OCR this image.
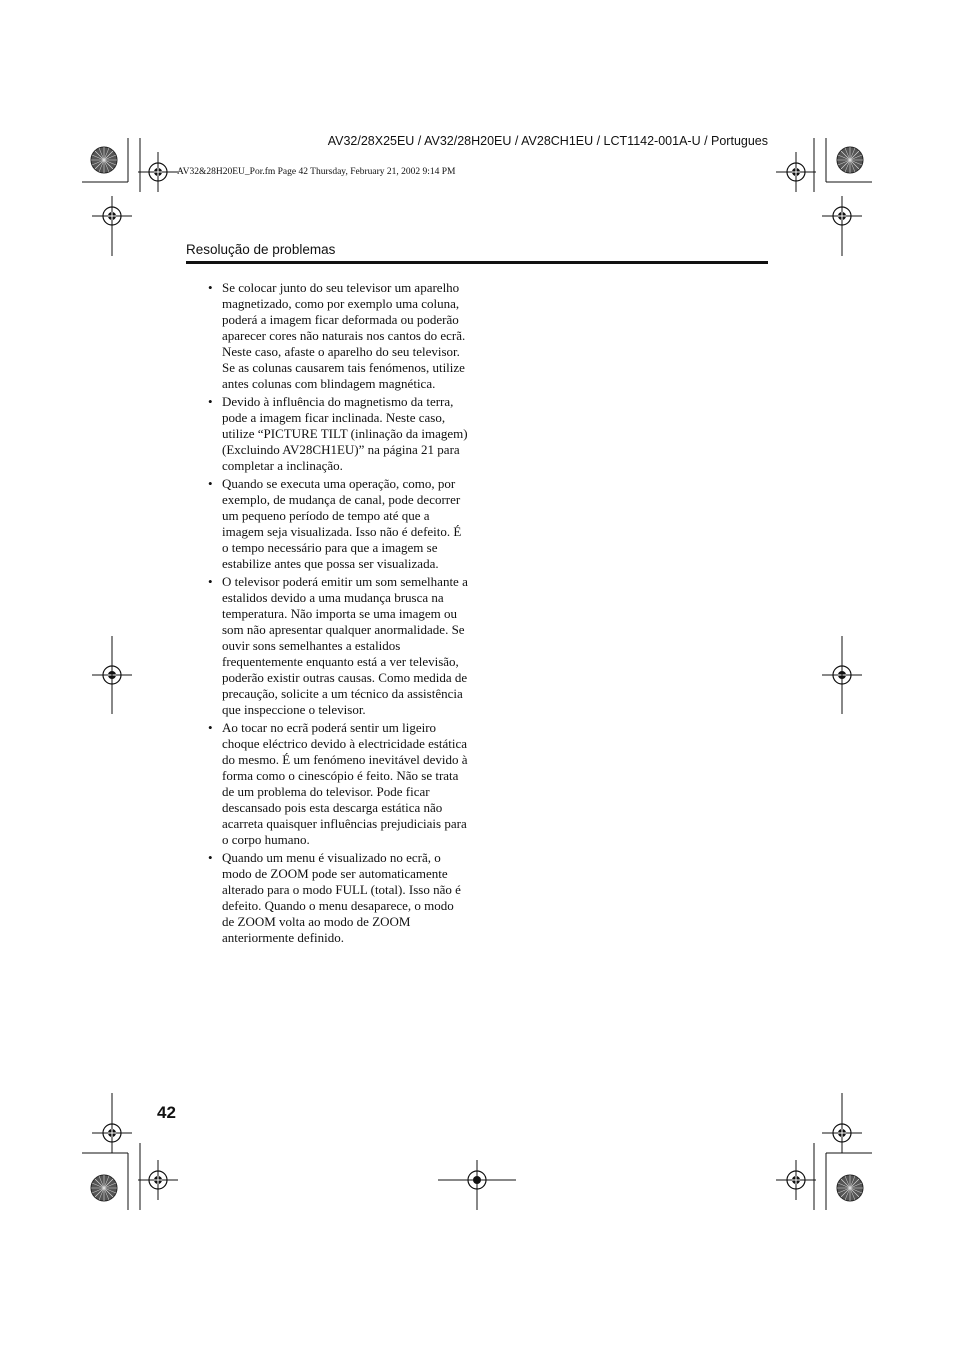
AV32/28X25EU / AV32/28H20EU / AV28CH1EU / LCT1142-001A-U / Portugues
AV32&28H20EU_Por.fm Page 42 Thursday, February 21, 2002 9:14 PM
Resolução de problemas
• Se colocar junto do seu televisor um aparelho magnetizado, como por exemplo uma coluna, poderá a imagem ficar deformada ou poderão aparecer cores não naturais nos cantos do ecrã. Neste caso, afaste o aparelho do seu televisor. Se as colunas causarem tais fenómenos, utilize antes colunas com blindagem magnética.
• Devido à influência do magnetismo da terra, pode a imagem ficar inclinada. Neste caso, utilize “PICTURE TILT (inlinação da imagem) (Excluindo AV28CH1EU)” na página 21 para completar a inclinação.
• Quando se executa uma operação, como, por exemplo, de mudança de canal, pode decorrer um pequeno período de tempo até que a imagem seja visualizada. Isso não é defeito. É o tempo necessário para que a imagem se estabilize antes que possa ser visualizada.
• O televisor poderá emitir um som semelhante a estalidos devido a uma mudança brusca na temperatura. Não importa se uma imagem ou som não apresentar qualquer anormalidade. Se ouvir sons semelhantes a estalidos frequentemente enquanto está a ver televisão, poderão existir outras causas. Como medida de precaução, solicite a um técnico da assistência que inspeccione o televisor.
• Ao tocar no ecrã poderá sentir um ligeiro choque eléctrico devido à electricidade estática do mesmo. É um fenómeno inevitável devido à forma como o cinescópio é feito. Não se trata de um problema do televisor. Pode ficar descansado pois esta descarga estática não acarreta quaisquer influências prejudiciais para o corpo humano.
• Quando um menu é visualizado no ecrã, o modo de ZOOM pode ser automaticamente alterado para o modo FULL (total). Isso não é defeito. Quando o menu desaparece, o modo de ZOOM volta ao modo de ZOOM anteriormente definido.
42
